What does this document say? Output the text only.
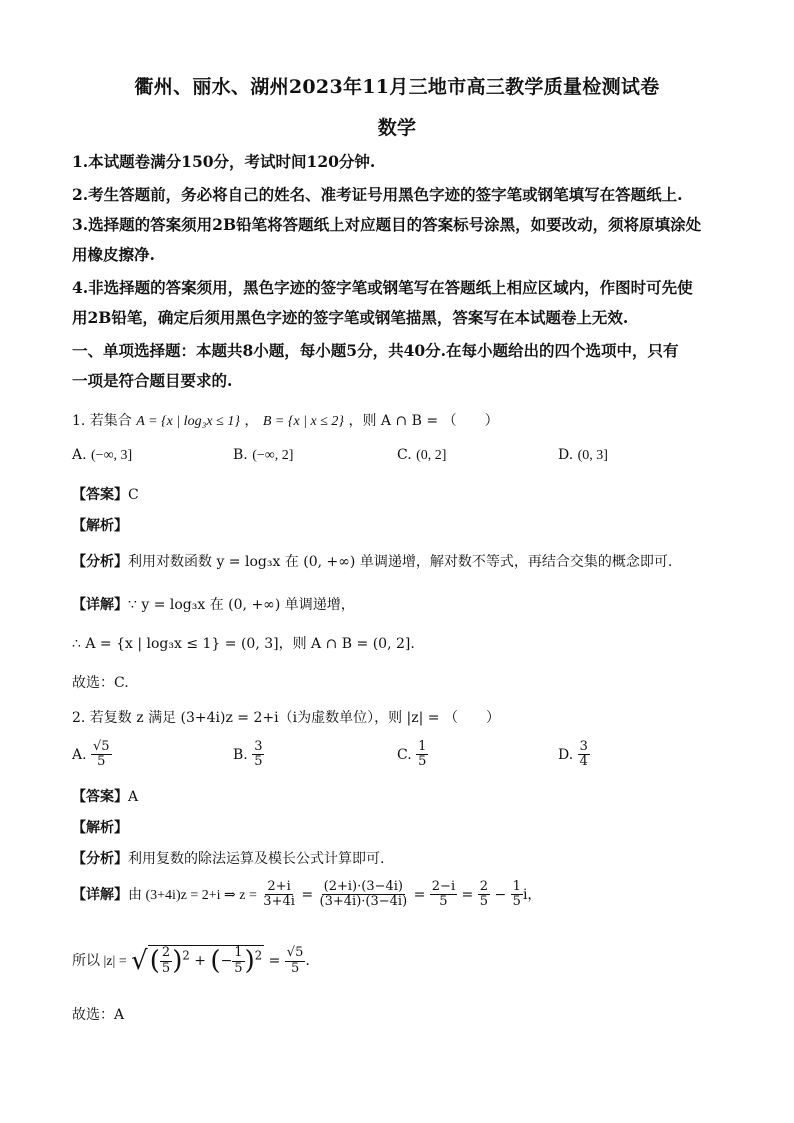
衢州、丽水、湖州2023年11月三地市高三教学质量检测试卷
数学
1.本试题卷满分150分，考试时间120分钟.
2.考生答题前，务必将自己的姓名、准考证号用黑色字迹的签字笔或钢笔填写在答题纸上.
3.选择题的答案须用2B铅笔将答题纸上对应题目的答案标号涂黑，如要改动，须将原填涂处
用橡皮擦净.
4.非选择题的答案须用，黑色字迹的签字笔或钢笔写在答题纸上相应区域内，作图时可先使
用2B铅笔，确定后须用黑色字迹的签字笔或钢笔描黑，答案写在本试题卷上无效.
一、单项选择题：本题共8小题，每小题5分，共40分.在每小题给出的四个选项中，只有
一项是符合题目要求的.
1. 若集合 A = {x | log₃x ≤ 1} ， B = {x | x ≤ 2} ，则 A ∩ B = （　　）
A. (−∞, 3]	B. (−∞, 2]	C. (0, 2]	D. (0, 3]
【答案】C
【解析】
【分析】利用对数函数 y = log₃x 在 (0, +∞) 单调递增，解对数不等式，再结合交集的概念即可.
【详解】∵ y = log₃x 在 (0, +∞) 单调递增，
∴ A = {x | log₃x ≤ 1} = (0, 3]，则 A ∩ B = (0, 2].
故选：C.
2. 若复数 z 满足 (3+4i)z = 2+i（i为虚数单位），则 |z| = （　　）
A. $\frac{√5}{5}$	B. $\frac{3}{5}$	C. $\frac{1}{5}$	D. $\frac{3}{4}$
【答案】A
【解析】
【分析】利用复数的除法运算及模长公式计算即可.
【详解】由 (3+4i)z = 2+i ⇒ $z = \frac{2+i}{3+4i} = \frac{(2+i)\cdot(3-4i)}{(3+4i)\cdot(3-4i)} = \frac{2-i}{5} = \frac{2}{5} - \frac{1}{5}$ i，
所以 |z| = √( $\frac{2}{5} )^2$ + (− $\frac{1}{5} )^2 = \frac{√5}{5}$ .
故选：A
